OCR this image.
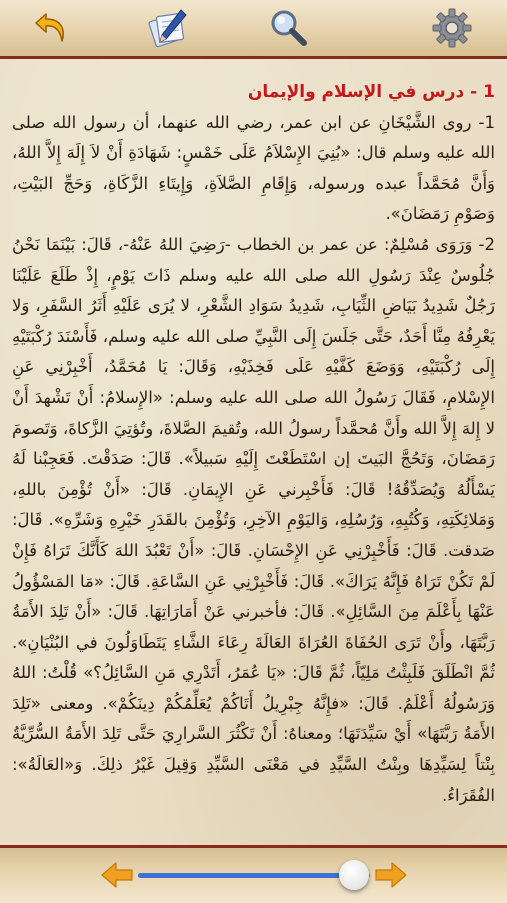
1 - درس في الإسلام والإيمان

1- روى الشَّيْخَانِ عن ابن عمر، رضي الله عنهما، أن رسول الله صلى الله عليه وسلم قال: «بُنِيَ الإِسْلاَمُ عَلَى خَمْسٍ: شَهَادَةِ أَنْ لاَ إِلَهَ إِلاَّ اللهُ، وَأَنَّ مُحَمَّداً عبده ورسوله، وَإِقَامِ الصَّلاَةِ، وَإِيتَاءِ الزَّكَاةِ، وَحَجِّ البَيْتِ، وَصَوْمِ رَمَضَانَ».

2- وَرَوَى مُسْلِمٌ: عن عمر بن الخطاب -رَضِيَ اللهُ عَنْهُ-، قَالَ: بَيْنَمَا نَحْنُ جُلُوسٌ عِنْدَ رَسُولِ الله صلى الله عليه وسلم ذَاتَ يَوْمٍ، إِذْ طَلَعَ عَلَيْنَا رَجُلٌ شَدِيدُ بَيَاضِ الثِّيَابِ، شَدِيدُ سَوَادِ الشَّعْرِ، لا يُرَى عَلَيْهِ أَثَرُ السَّفَرِ، وَلا يَعْرِفُهُ مِنَّا أَحَدٌ، حَتَّى جَلَسَ إِلَى النَّبِيِّ صلى الله عليه وسلم، فَأَسْنَدَ رُكْبَتَيْهِ إِلَى رُكْبَتَيْهِ، وَوَضَعَ كَفَّيْهِ عَلَى فَخِذَيْهِ، وَقَالَ: يَا مُحَمَّدُ، أَخْبِرْنِي عَنِ الإِسْلامِ، فَقَالَ رَسُولُ الله صلى الله عليه وسلم: «الإِسلامُ: أَنْ تَشْهدَ أَنْ لا إِلهَ إِلاَّ الله وأَنَّ مُحمَّداً رسولُ الله، وتُقيمَ الصَّلاةَ، وتُؤتِيَ الزَّكاةَ، وَتَصومَ رَمَضَانَ، وَتَحُجَّ البَيتَ إن اسْتَطَعْتَ إِلَيْهِ سَبيلاً». قَالَ: صَدَقْتَ. فَعَجِبْنا لَهُ يَسْأَلُهُ وَيُصَدِّقُهُ! قَالَ: فَأَخْبِرني عَنِ الإِيمَانِ. قَالَ: «أَنْ تُؤْمِنَ باللهِ، وَمَلائِكَتِهِ، وَكُتُبِهِ، وَرُسُلِهِ، وَاليَوْمِ الآخِرِ، وَتُؤْمِنَ بالقَدَرِ خَيْرِهِ وَشَرِّهِ». قَالَ: صَدقت. قَالَ: فَأَخْبِرْنِي عَنِ الإِحْسَانِ. قَالَ: «أَنْ تَعْبُدَ اللهَ كَأَنَّكَ تَرَاهُ فَإِنْ لَمْ تَكُنْ تَرَاهُ فَإِنَّهُ يَرَاكَ». قَالَ: فَأَخْبِرْنِي عَنِ السَّاعَةِ. قَالَ: «مَا المَسْؤُولُ عَنْهَا بِأَعْلَمَ مِنَ السَّائِلِ». قَالَ: فأخبرني عَنْ أَمَارَاتِهَا. قَالَ: «أَنْ تَلِدَ الأَمَةُ رَبَّتَهَا، وأَنْ تَرَى الحُفَاةَ العُرَاةَ العَالَةَ رِعَاءَ الشَّاءِ يَتَطَاوَلُونَ في البُنْيَانِ». ثُمَّ انْطَلَقَ فَلَبِثْتُ مَلِيّاً، ثُمَّ قَالَ: «يَا عُمَرُ، أَتَدْرِي مَنِ السَّائِلُ؟» قُلْتُ: اللهُ وَرَسُولُهُ أَعْلَمُ. قَالَ: «فإِنَّهُ جِبْرِيلُ أَتَاكُمْ يُعَلِّمُكُمْ دِينَكُمْ». ومعنى «تَلِدَ الأَمَةُ رَبَّتَهَا» أَيْ سَيِّدَتَهَا؛ ومعناهُ: أَنْ تَكْثُرَ السَّرارِيَ حَتَّى تَلِدَ الأَمَةُ السُّرِّيَّةُ بِنْتاً لِسَيِّدِهَا وبِنْتُ السَّيِّدِ في مَعْنَى السَّيِّدِ وَقِيلَ غَيْرُ ذلِكَ. وَ«العَالَةُ»: الفُقَرَاءُ.
